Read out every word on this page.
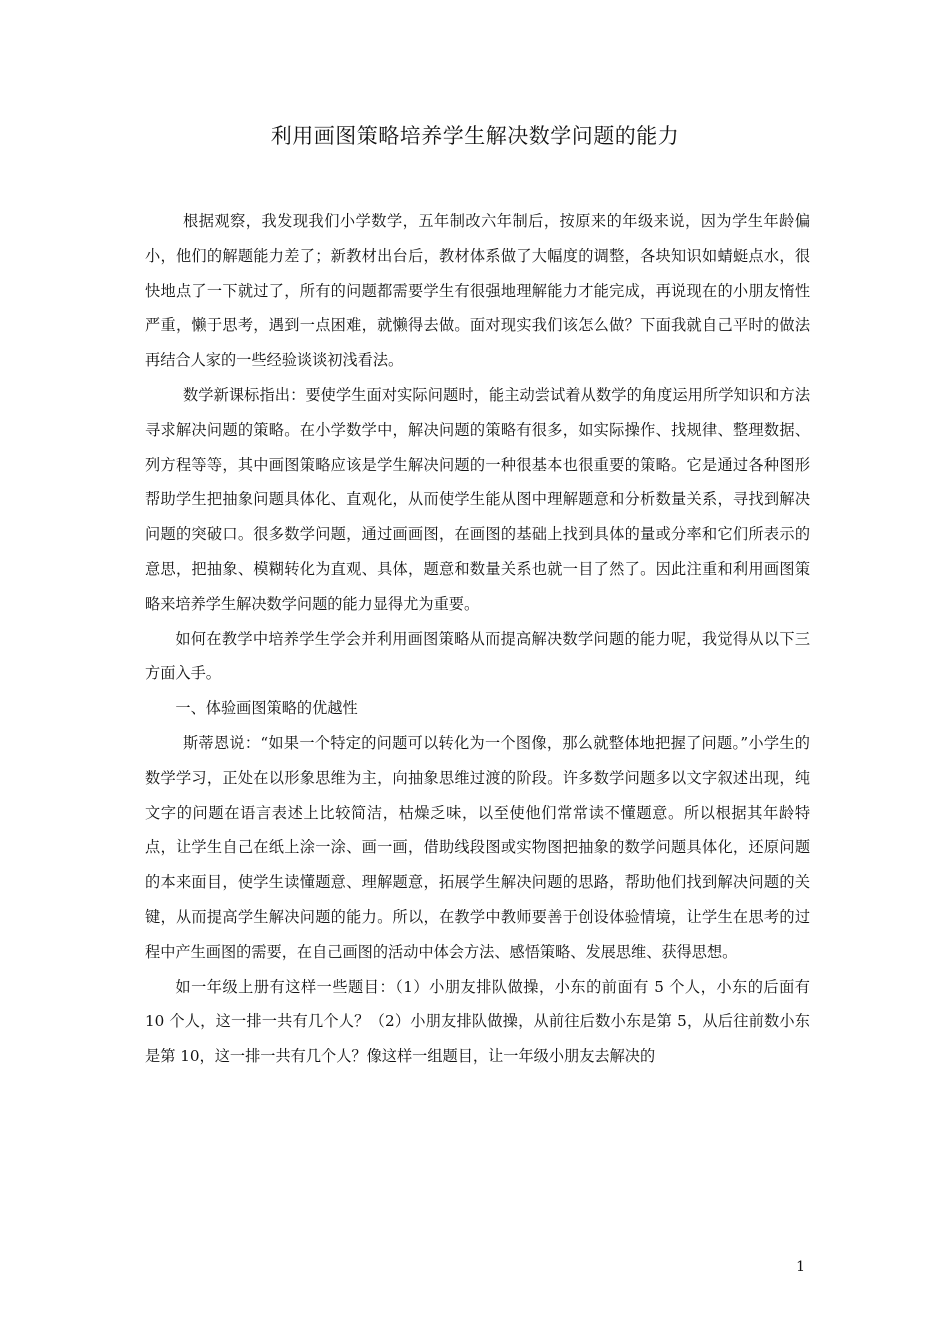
利用画图策略培养学生解决数学问题的能力

根据观察，我发现我们小学数学，五年制改六年制后，按原来的年级来说，因为学生年龄偏小，他们的解题能力差了；新教材出台后，教材体系做了大幅度的调整，各块知识如蜻蜓点水，很快地点了一下就过了，所有的问题都需要学生有很强地理解能力才能完成，再说现在的小朋友惰性严重，懒于思考，遇到一点困难，就懒得去做。面对现实我们该怎么做？下面我就自己平时的做法再结合人家的一些经验谈谈初浅看法。

数学新课标指出：要使学生面对实际问题时，能主动尝试着从数学的角度运用所学知识和方法寻求解决问题的策略。在小学数学中，解决问题的策略有很多，如实际操作、找规律、整理数据、列方程等等，其中画图策略应该是学生解决问题的一种很基本也很重要的策略。它是通过各种图形帮助学生把抽象问题具体化、直观化，从而使学生能从图中理解题意和分析数量关系，寻找到解决问题的突破口。很多数学问题，通过画画图，在画图的基础上找到具体的量或分率和它们所表示的意思，把抽象、模糊转化为直观、具体，题意和数量关系也就一目了然了。因此注重和利用画图策略来培养学生解决数学问题的能力显得尤为重要。

如何在教学中培养学生学会并利用画图策略从而提高解决数学问题的能力呢，我觉得从以下三方面入手。

一、体验画图策略的优越性

斯蒂恩说：“如果一个特定的问题可以转化为一个图像，那么就整体地把握了问题。”小学生的数学学习，正处在以形象思维为主，向抽象思维过渡的阶段。许多数学问题多以文字叙述出现，纯文字的问题在语言表述上比较简洁，枯燥乏味，以至使他们常常读不懂题意。所以根据其年龄特点，让学生自己在纸上涂一涂、画一画，借助线段图或实物图把抽象的数学问题具体化，还原问题的本来面目，使学生读懂题意、理解题意，拓展学生解决问题的思路，帮助他们找到解决问题的关键，从而提高学生解决问题的能力。所以，在教学中教师要善于创设体验情境，让学生在思考的过程中产生画图的需要，在自己画图的活动中体会方法、感悟策略、发展思维、获得思想。

如一年级上册有这样一些题目：（1）小朋友排队做操，小东的前面有 5 个人，小东的后面有 10 个人，这一排一共有几个人？（2）小朋友排队做操，从前往后数小东是第 5，从后往前数小东是第 10，这一排一共有几个人？像这样一组题目，让一年级小朋友去解决的

1
